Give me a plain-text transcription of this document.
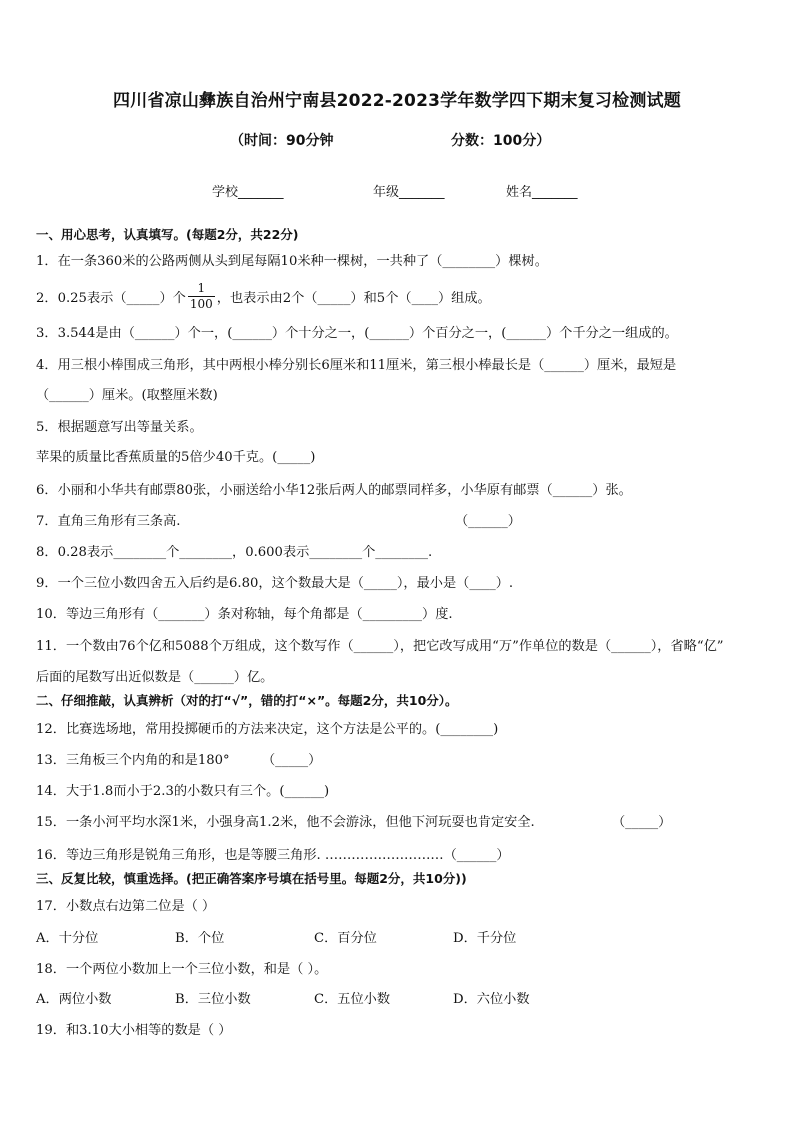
四川省凉山彝族自治州宁南县2022-2023学年数学四下期末复习检测试题
（时间：90分钟	分数：100分）
学校_______	年级_______	姓名_______
一、用心思考，认真填写。(每题2分，共22分)
1．在一条360米的公路两侧从头到尾每隔10米种一棵树，一共种了（________）棵树。
2．0.25表示（_____）个 $\frac{1}{100}$ ，也表示由2个（_____）和5个（____）组成。
3．3.544是由（______）个一，(______）个十分之一，(______）个百分之一，(______）个千分之一组成的。
4．用三根小棒围成三角形，其中两根小棒分别长6厘米和11厘米，第三根小棒最长是（______）厘米，最短是
（______）厘米。(取整厘米数)
5．根据题意写出等量关系。
苹果的质量比香蕉质量的5倍少40千克。(_____)
6．小丽和小华共有邮票80张，小丽送给小华12张后两人的邮票同样多，小华原有邮票（______）张。
7．直角三角形有三条高.	（______）
8．0.28表示________个________，0.600表示________个________.
9．一个三位小数四舍五入后约是6.80，这个数最大是（_____），最小是（____）.
10．等边三角形有（_______）条对称轴，每个角都是（_________）度.
11．一个数由76个亿和5088个万组成，这个数写作（______），把它改写成用“万”作单位的数是（______），省略“亿”
后面的尾数写出近似数是（______）亿。
二、仔细推敲，认真辨析（对的打“√”，错的打“×”。每题2分，共10分）。
12．比赛选场地，常用投掷硬币的方法来决定，这个方法是公平的。(________)
13．三角板三个内角的和是180° （_____）
14．大于1.8而小于2.3的小数只有三个。(______)
15．一条小河平均水深1米，小强身高1.2米，他不会游泳，但他下河玩耍也肯定安全.	（_____）
16．等边三角形是锐角三角形，也是等腰三角形. ………………………（______）
三、反复比较，慎重选择。(把正确答案序号填在括号里。每题2分，共10分))
17．小数点右边第二位是（ ）
A．十分位	B．个位	C．百分位	D．千分位
18．一个两位小数加上一个三位小数，和是（ ）。
A．两位小数	B．三位小数	C．五位小数	D．六位小数
19．和3.10大小相等的数是（ ）
